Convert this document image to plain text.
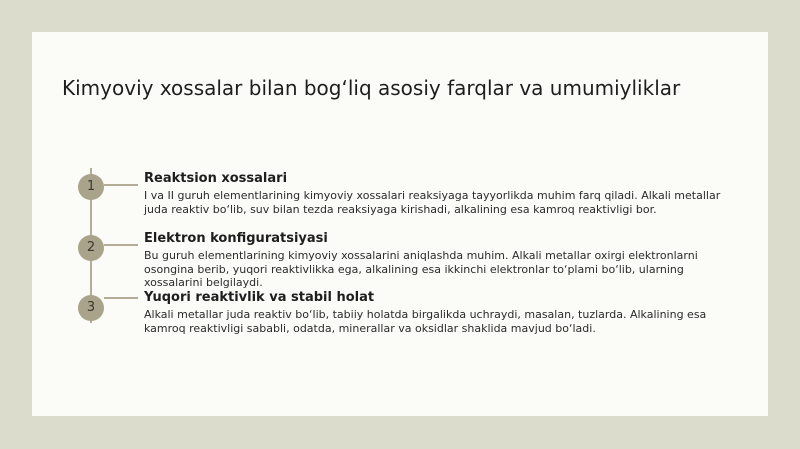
Kimyoviy xossalar bilan bog‘liq asosiy farqlar va umumiyliklar
1
Reaktsion xossalari

I va II guruh elementlarining kimyoviy xossalari reaksiyaga tayyorlikda muhim farq qiladi. Alkali metallar juda reaktiv bo‘lib, suv bilan tezda reaksiyaga kirishadi, alkalining esa kamroq reaktivligi bor.

2
Elektron konfiguratsiyasi

Bu guruh elementlarining kimyoviy xossalarini aniqlashda muhim. Alkali metallar oxirgi elektronlarni osongina berib, yuqori reaktivlikka ega, alkalining esa ikkinchi elektronlar to‘plami bo‘lib, ularning xossalarini belgilaydi.

3
Yuqori reaktivlik va stabil holat

Alkali metallar juda reaktiv bo‘lib, tabiiy holatda birgalikda uchraydi, masalan, tuzlarda. Alkalining esa kamroq reaktivligi sababli, odatda, minerallar va oksidlar shaklida mavjud bo‘ladi.
